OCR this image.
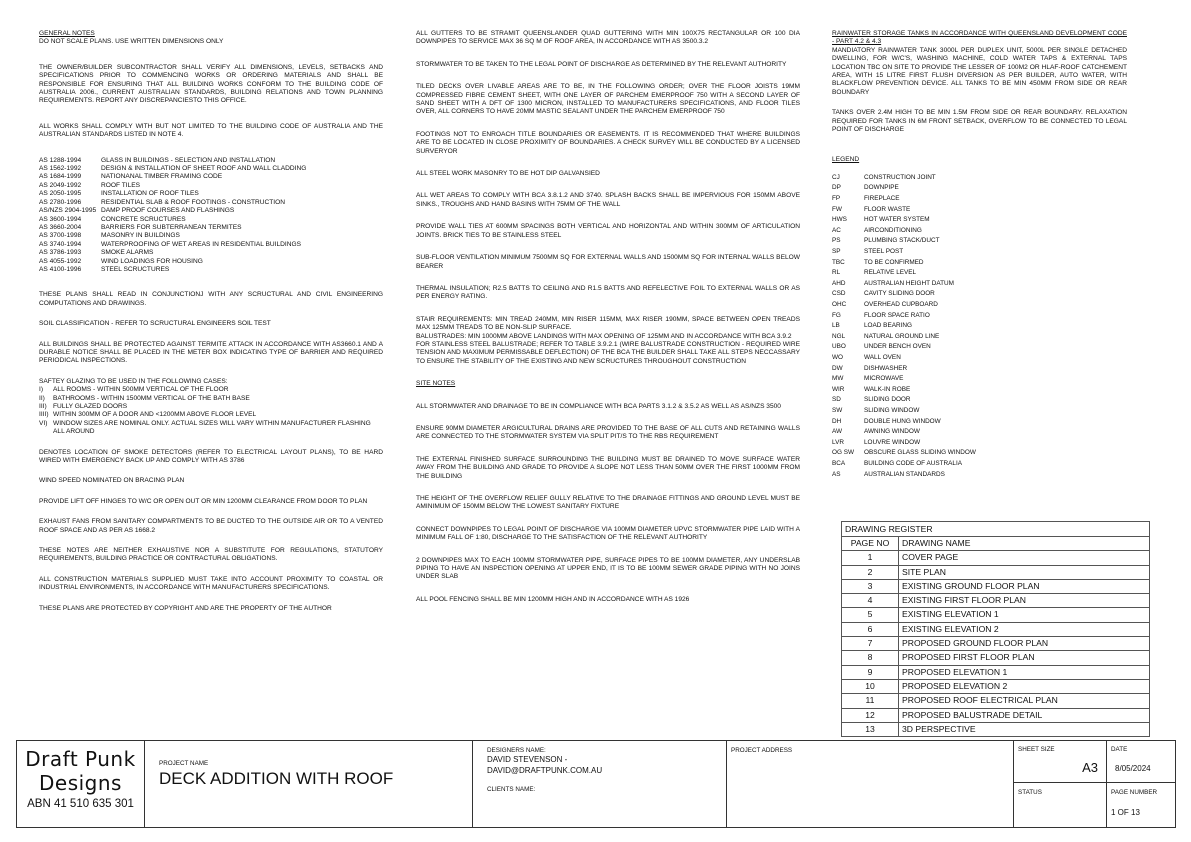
GENERAL NOTES

DO NOT SCALE PLANS. USE WRITTEN DIMENSIONS ONLY

THE OWNER/BUILDER SUBCONTRACTOR SHALL VERIFY ALL DIMENSIONS, LEVELS, SETBACKS AND SPECIFICATIONS PRIOR TO COMMENCING WORKS OR ORDERING MATERIALS AND SHALL BE RESPONSIBLE FOR ENSURING THAT ALL BUILDING WORKS CONFORM TO THE BUILDING CODE OF AUSTRALIA 2006., CURRENT AUSTRALIAN STANDARDS, BUILDING RELATIONS AND TOWN PLANNING REQUIREMENTS. REPORT ANY DISCREPANCIESTO THIS OFFICE.

ALL WORKS SHALL COMPLY WITH BUT NOT LIMITED TO THE BUILDING CODE OF AUSTRALIA AND THE AUSTRALIAN STANDARDS LISTED IN NOTE 4.

AS 1288-1994	GLASS IN BUILDINGS - SELECTION AND INSTALLATION
AS 1562-1992	DESIGN & INSTALLATION OF SHEET ROOF AND WALL CLADDING
AS 1684-1999	NATIONANAL TIMBER FRAMING CODE
AS 2049-1992	ROOF TILES
AS 2050-1995	INSTALLATION OF ROOF TILES
AS 2780-1996	RESIDENTIAL SLAB & ROOF FOOTINGS - CONSTRUCTION
AS/NZS 2904-1995 DAMP PROOF COURSES AND FLASHINGS
AS 3600-1994	CONCRETE SCRUCTURES
AS 3660-2004	BARRIERS FOR SUBTERRANEAN TERMITES
AS 3700-1998	MASONRY IN BUILDINGS
AS 3740-1994	WATERPROOFING OF WET AREAS IN RESIDENTIAL BUILDINGS
AS 3786-1993	SMOKE ALARMS
AS 4055-1992	WIND LOADINGS FOR HOUSING
AS 4100-1996	STEEL SCRUCTURES

THESE PLANS SHALL READ IN CONJUNCTIONJ WITH ANY SCRUCTURAL AND CIVIL ENGINEERING COMPUTATIONS AND DRAWINGS.

SOIL CLASSIFICATION - REFER TO SCRUCTURAL ENGINEERS SOIL TEST

ALL BUILDINGS SHALL BE PROTECTED AGAINST TERMITE ATTACK IN ACCORDANCE WITH AS3660.1 AND A DURABLE NOTICE SHALL BE PLACED IN THE METER BOX INDICATING TYPE OF BARRIER AND REQUIRED PERIODICAL INSPECTIONS.

SAFTEY GLAZING TO BE USED IN THE FOLLOWING CASES:

I)	ALL ROOMS - WITHIN 500MM VERTICAL OF THE FLOOR
II)	BATHROOMS - WITHIN 1500MM VERTICAL OF THE BATH BASE
III) FULLY GLAZED DOORS
IIII) WITHIN 300MM OF A DOOR AND <1200MM ABOVE FLOOR LEVEL
VI) WINDOW SIZES ARE NOMINAL ONLY. ACTUAL SIZES WILL VARY WITHIN MANUFACTURER FLASHING ALL AROUND

DENOTES LOCATION OF SMOKE DETECTORS (REFER TO ELECTRICAL LAYOUT PLANS), TO BE HARD WIRED WITH EMERGENCY BACK UP AND COMPLY WITH AS 3786

WIND SPEED NOMINATED ON BRACING PLAN

PROVIDE LIFT OFF HINGES TO W/C OR OPEN OUT OR MIN 1200MM CLEARANCE FROM DOOR TO PLAN

EXHAUST FANS FROM SANITARY COMPARTMENTS TO BE DUCTED TO THE OUTSIDE AIR OR TO A VENTED ROOF SPACE AND AS PER AS 1668.2

THESE NOTES ARE NEITHER EXHAUSTIVE NOR A SUBSTITUTE FOR REGULATIONS, STATUTORY REQUIREMENTS, BUILDING PRACTICE OR CONTRACTURAL OBLIGATIONS.

ALL CONSTRUCTION MATERIALS SUPPLIED MUST TAKE INTO ACCOUNT PROXIMITY TO COASTAL OR INDUSTRIAL ENVIRONMENTS, IN ACCORDANCE WITH MANUFACTURERS SPECIFICATIONS.

THESE PLANS ARE PROTECTED BY COPYRIGHT AND ARE THE PROPERTY OF THE AUTHOR

ALL GUTTERS TO BE STRAMIT QUEENSLANDER QUAD GUTTERING WITH MIN 100X75 RECTANGULAR OR 100 DIA DOWNPIPES TO SERVICE MAX 36 SQ M OF ROOF AREA, IN ACCORDANCE WITH AS 3500.3.2

STORMWATER TO BE TAKEN TO THE LEGAL POINT OF DISCHARGE AS DETERMINED BY THE RELEVANT AUTHORITY

TILED DECKS OVER LIVABLE AREAS ARE TO BE, IN THE FOLLOWING ORDER; OVER THE FLOOR JOISTS 19MM COMPRESSED FIBRE CEMENT SHEET, WITH ONE LAYER OF PARCHEM EMERPROOF 750 WITH A SECOND LAYER OF SAND SHEET WITH A DFT OF 1300 MICRON, INSTALLED TO MANUFACTURERS SPECIFICATIONS, AND FLOOR TILES OVER, ALL CORNERS TO HAVE 20MM MASTIC SEALANT UNDER THE PARCHEM EMERPROOF 750

FOOTINGS NOT TO ENROACH TITLE BOUNDARIES OR EASEMENTS. IT IS RECOMMENDED THAT WHERE BUILDINGS ARE TO BE LOCATED IN CLOSE PROXIMITY OF BOUNDARIES. A CHECK SURVEY WILL BE CONDUCTED BY A LICENSED SURVERYOR

ALL STEEL WORK MASONRY TO BE HOT DIP GALVANSIED

ALL WET AREAS TO COMPLY WITH BCA 3.8.1.2 AND 3740. SPLASH BACKS SHALL BE IMPERVIOUS FOR 150MM ABOVE SINKS., TROUGHS AND HAND BASINS WITH 75MM OF THE WALL

PROVIDE WALL TIES AT 600MM SPACINGS BOTH VERTICAL AND HORIZONTAL AND WITHIN 300MM OF ARTICULATION JOINTS. BRICK TIES TO BE STAINLESS STEEL

SUB-FLOOR VENTILATION MINIMUM 7500MM SQ FOR EXTERNAL WALLS AND 1500MM SQ FOR INTERNAL WALLS BELOW BEARER

THERMAL INSULATION; R2.5 BATTS TO CEILING AND R1.5 BATTS AND REFELECTIVE FOIL TO EXTERNAL WALLS OR AS PER ENERGY RATING.

STAIR REQUIREMENTS: MIN TREAD 240MM, MIN RISER 115MM, MAX RISER 190MM, SPACE BETWEEN OPEN TREADS MAX 125MM TREADS TO BE NON-SLIP SURFACE.

BALUSTRADES: MIN 1000MM ABOVE LANDINGS WITH MAX OPENING OF 125MM AND IN ACCORDANCE WITH BCA 3.9.2

FOR STAINLESS STEEL BALUSTRADE; REFER TO TABLE 3.9.2.1 (WIRE BALUSTRADE CONSTRUCTION - REQUIRED WIRE TENSION AND MAXIMUM PERMISSABLE DEFLECTION) OF THE BCA THE BUILDER SHALL TAKE ALL STEPS NECCASSARY TO ENSURE THE STABILITY OF THE EXISTING AND NEW SCRUCTURES THROUGHOUT CONSTRUCTION

SITE NOTES

ALL STORMWATER AND DRAINAGE TO BE IN COMPLIANCE WITH BCA PARTS 3.1.2 & 3.5.2 AS WELL AS AS/NZS 3500

ENSURE 90MM DIAMETER ARGICULTURAL DRAINS ARE PROVIDED TO THE BASE OF ALL CUTS AND RETAINING WALLS ARE CONNECTED TO THE STORMWATER SYSTEM VIA SPLIT PIT/S TO THE RBS REQUIREMENT

THE EXTERNAL FINISHED SURFACE SURROUNDING THE BUILDING MUST BE DRAINED TO MOVE SURFACE WATER AWAY FROM THE BUILDING AND GRADE TO PROVIDE A SLOPE NOT LESS THAN 50MM OVER THE FIRST 1000MM FROM THE BUILDING

THE HEIGHT OF THE OVERFLOW RELIEF GULLY RELATIVE TO THE DRAINAGE FITTINGS AND GROUND LEVEL MUST BE AMINIMUM OF 150MM BELOW THE LOWEST SANITARY FIXTURE

CONNECT DOWNPIPES TO LEGAL POINT OF DISCHARGE VIA 100MM DIAMETER UPVC STORMWATER PIPE LAID WITH A MINIMUM FALL OF 1:80, DISCHARGE TO THE SATISFACTION OF THE RELEVANT AUTHORITY

2 DOWNPIPES MAX TO EACH 100MM STORMWATER PIPE, SURFACE PIPES TO BE 100MM DIAMETER, ANY UNDERSLAB PIPING TO HAVE AN INSPECTION OPENING AT UPPER END, IT IS TO BE 100MM SEWER GRADE PIPING WITH NO JOINS UNDER SLAB

ALL POOL FENCING SHALL BE MIN 1200MM HIGH AND IN ACCORDANCE WITH AS 1926

RAINWATER STORAGE TANKS IN ACCORDANCE WITH QUEENSLAND DEVELOPMENT CODE - PART 4.2 & 4.3

MANDIATORY RAINWATER TANK 3000L PER DUPLEX UNIT, 5000L PER SINGLE DETACHED DWELLING, FOR W/C'S, WASHING MACHINE, COLD WATER TAPS & EXTERNAL TAPS LOCATION TBC ON SITE TO PROVIDE THE LESSER OF 100M2 OR HLAF-ROOF CATCHEMENT AREA, WITH 15 LITRE FIRST FLUSH DIVERSION AS PER BUILDER, AUTO WATER, WITH BLACKFLOW PREVENTION DEVICE. ALL TANKS TO BE MIN 450MM FROM SIDE OR REAR BOUNDARY

TANKS OVER 2.4M HIGH TO BE MIN 1.5M FROM SIDE OR REAR BOUNDARY. RELAXATION REQUIRED FOR TANKS IN 6M FRONT SETBACK, OVERFLOW TO BE CONNECTED TO LEGAL POINT OF DISCHARGE

LEGEND

CJ	CONSTRUCTION JOINT
DP	DOWNPIPE
FP	FIREPLACE
FW	FLOOR WASTE
HWS	HOT WATER SYSTEM
AC	AIRCONDITIONING
PS	PLUMBING STACK/DUCT
SP	STEEL POST
TBC	TO BE CONFIRMED
RL	RELATIVE LEVEL
AHD	AUSTRALIAN HEIGHT DATUM
CSD	CAVITY SLIDING DOOR
OHC	OVERHEAD CUPBOARD
FG	FLOOR SPACE RATIO
LB	LOAD BEARING
NGL	NATURAL GROUND LINE
UBO	UNDER BENCH OVEN
WO	WALL OVEN
DW	DISHWASHER
MW	MICROWAVE
WIR	WALK-IN ROBE
SD	SLIDING DOOR
SW	SLIDING WINDOW
DH	DOUBLE HUNG WINDOW
AW	AWNING WINDOW
LVR	LOUVRE WINDOW
OG SW	OBSCURE GLASS SLIDING WINDOW
BCA	BUILDING CODE OF AUSTRALIA
AS	AUSTRALIAN STANDARDS
DRAWING REGISTER
PAGE NO	DRAWING NAME
1	COVER PAGE
2	SITE PLAN
3	EXISTING GROUND FLOOR PLAN
4	EXISTING FIRST FLOOR PLAN
5	EXISTING ELEVATION 1
6	EXISTING ELEVATION 2
7	PROPOSED GROUND FLOOR PLAN
8	PROPOSED FIRST FLOOR PLAN
9	PROPOSED ELEVATION 1
10	PROPOSED ELEVATION 2
11	PROPOSED ROOF ELECTRICAL PLAN
12	PROPOSED BALUSTRADE DETAIL
13	3D PERSPECTIVE
Draft Punk
Designs
ABN 41 510 635 301
PROJECT NAME
DECK ADDITION WITH ROOF
DESIGNERS NAME:
DAVID STEVENSON -
DAVID@DRAFTPUNK.COM.AU
CLIENTS NAME:
PROJECT ADDRESS	SHEET SIZE
A3
STATUS
DATE
8/05/2024
PAGE NUMBER
1 OF 13
